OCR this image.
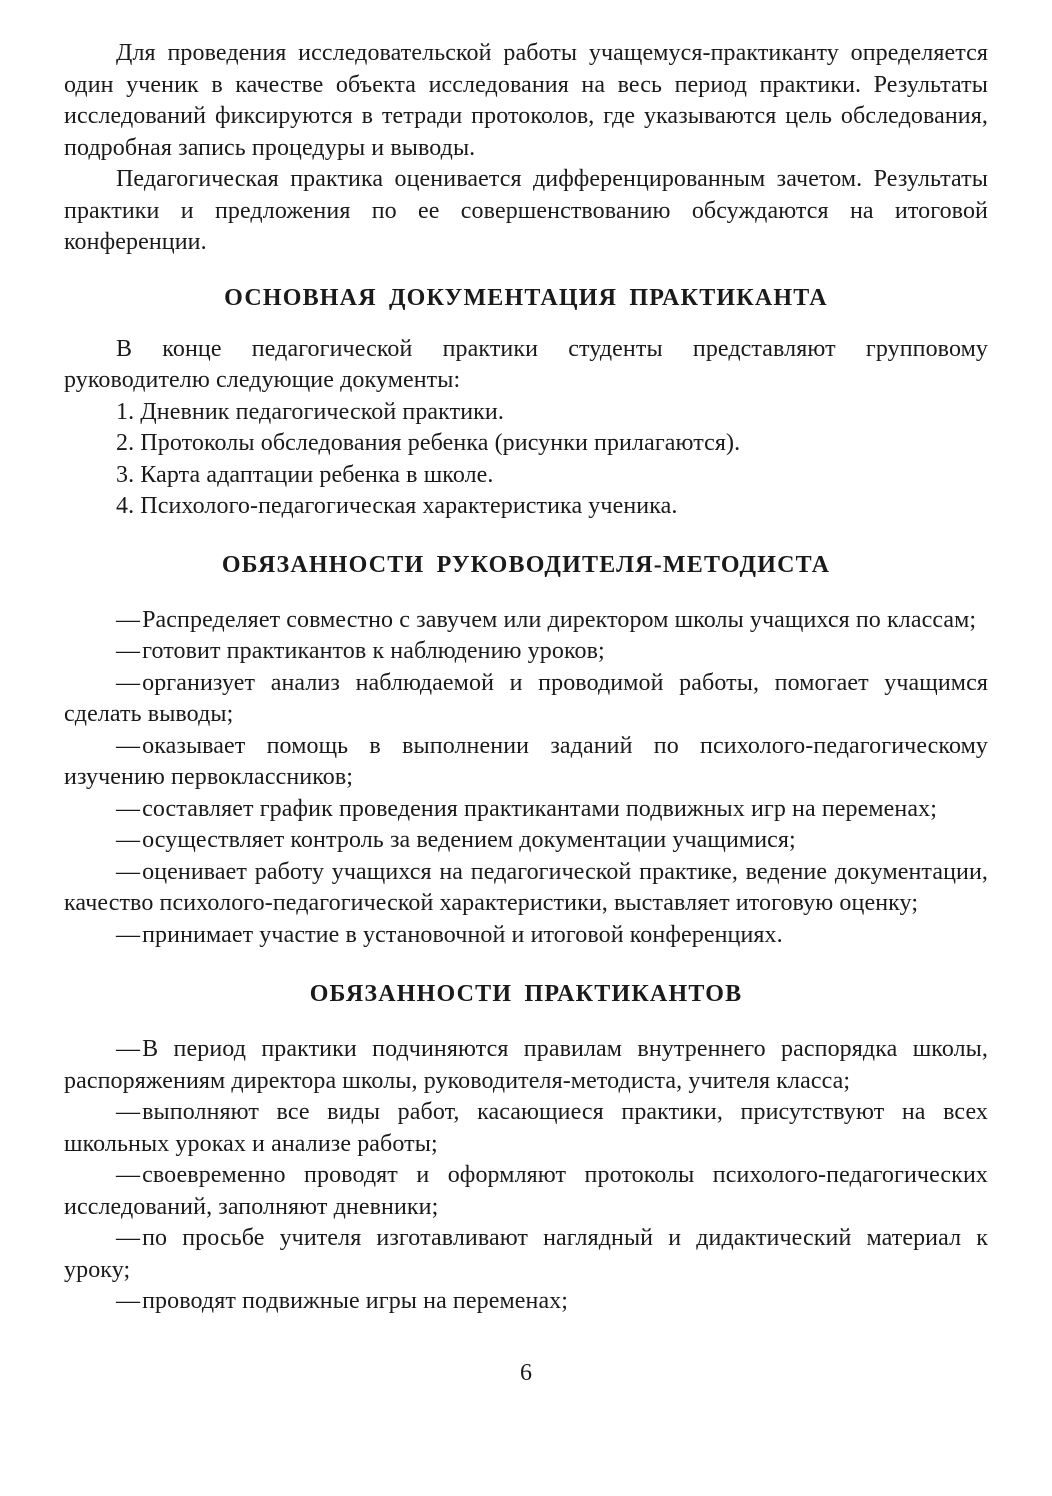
Для проведения исследовательской работы учащемуся-практиканту определяется один ученик в качестве объекта исследования на весь период практики. Результаты исследований фиксируются в тетради протоколов, где указываются цель обследования, подробная запись процедуры и выводы.

Педагогическая практика оценивается дифференцированным зачетом. Результаты практики и предложения по ее совершенствованию обсуждаются на итоговой конференции.

ОСНОВНАЯ ДОКУМЕНТАЦИЯ ПРАКТИКАНТА

В конце педагогической практики студенты представляют групповому руководителю следующие документы:

1. Дневник педагогической практики.
2. Протоколы обследования ребенка (рисунки прилагаются).
3. Карта адаптации ребенка в школе.
4. Психолого-педагогическая характеристика ученика.
ОБЯЗАННОСТИ РУКОВОДИТЕЛЯ-МЕТОДИСТА

—Распределяет совместно с завучем или директором школы учащихся по классам;

—готовит практикантов к наблюдению уроков;

—организует анализ наблюдаемой и проводимой работы, помогает учащимся сделать выводы;

—оказывает помощь в выполнении заданий по психолого-педагогическому изучению первоклассников;

—составляет график проведения практикантами подвижных игр на переменах;

—осуществляет контроль за ведением документации учащимися;

—оценивает работу учащихся на педагогической практике, ведение документации, качество психолого-педагогической характеристики, выставляет итоговую оценку;

—принимает участие в установочной и итоговой конференциях.

ОБЯЗАННОСТИ ПРАКТИКАНТОВ

—В период практики подчиняются правилам внутреннего распорядка школы, распоряжениям директора школы, руководителя-методиста, учителя класса;

—выполняют все виды работ, касающиеся практики, присутствуют на всех школьных уроках и анализе работы;

—своевременно проводят и оформляют протоколы психолого-педагогических исследований, заполняют дневники;

—по просьбе учителя изготавливают наглядный и дидактический материал к уроку;

—проводят подвижные игры на переменах;

6
